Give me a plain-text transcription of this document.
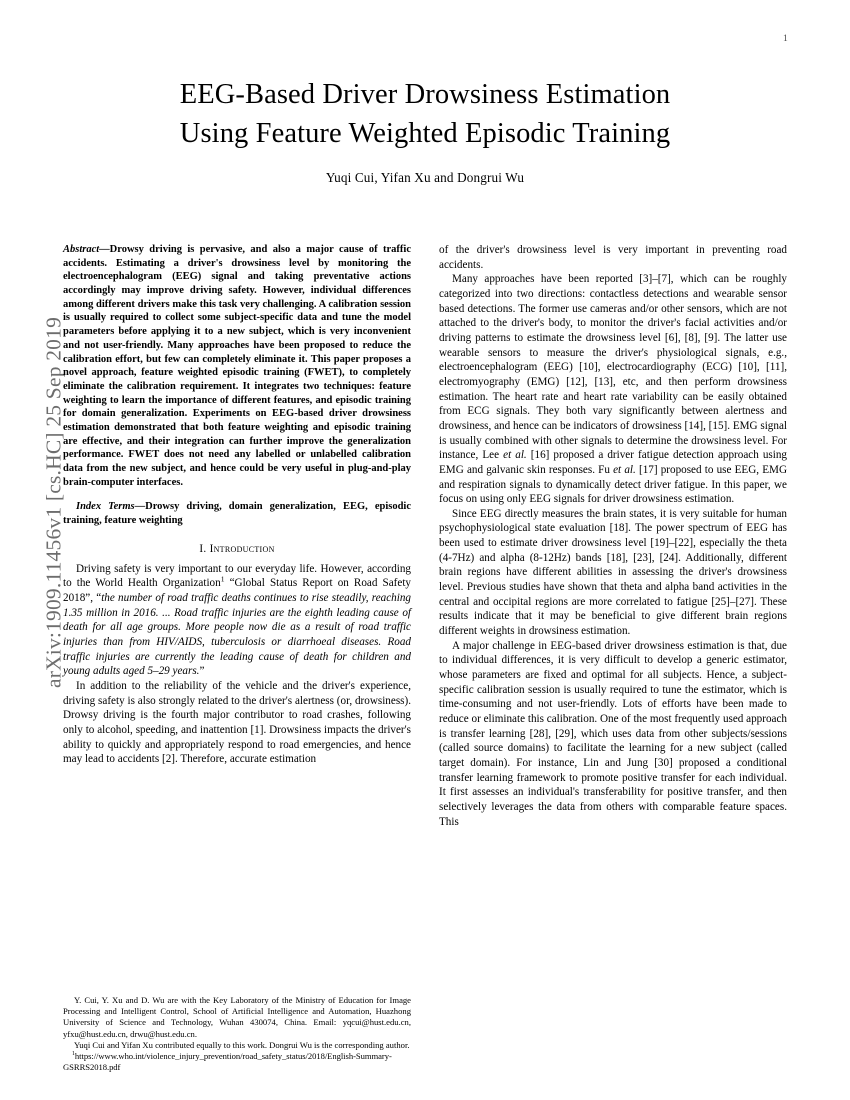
arXiv:1909.11456v1 [cs.HC] 25 Sep 2019
1
EEG-Based Driver Drowsiness Estimation
Using Feature Weighted Episodic Training
Yuqi Cui, Yifan Xu and Dongrui Wu

Abstract—Drowsy driving is pervasive, and also a major cause of traffic accidents. Estimating a driver's drowsiness level by monitoring the electroencephalogram (EEG) signal and taking preventative actions accordingly may improve driving safety. However, individual differences among different drivers make this task very challenging. A calibration session is usually required to collect some subject-specific data and tune the model parameters before applying it to a new subject, which is very inconvenient and not user-friendly. Many approaches have been proposed to reduce the calibration effort, but few can completely eliminate it. This paper proposes a novel approach, feature weighted episodic training (FWET), to completely eliminate the calibration requirement. It integrates two techniques: feature weighting to learn the importance of different features, and episodic training for domain generalization. Experiments on EEG-based driver drowsiness estimation demonstrated that both feature weighting and episodic training are effective, and their integration can further improve the generalization performance. FWET does not need any labelled or unlabelled calibration data from the new subject, and hence could be very useful in plug-and-play brain-computer interfaces.

Index Terms—Drowsy driving, domain generalization, EEG, episodic training, feature weighting

I. Introduction

Driving safety is very important to our everyday life. However, according to the World Health Organization$^1$ “Global Status Report on Road Safety 2018”, “the number of road traffic deaths continues to rise steadily, reaching 1.35 million in 2016. ... Road traffic injuries are the eighth leading cause of death for all age groups. More people now die as a result of road traffic injuries than from HIV/AIDS, tuberculosis or diarrhoeal diseases. Road traffic injuries are currently the leading cause of death for children and young adults aged 5–29 years.”

In addition to the reliability of the vehicle and the driver's experience, driving safety is also strongly related to the driver's alertness (or, drowsiness). Drowsy driving is the fourth major contributor to road crashes, following only to alcohol, speeding, and inattention [1]. Drowsiness impacts the driver's ability to quickly and appropriately respond to road emergencies, and hence may lead to accidents [2]. Therefore, accurate estimation

Y. Cui, Y. Xu and D. Wu are with the Key Laboratory of the Ministry of Education for Image Processing and Intelligent Control, School of Artificial Intelligence and Automation, Huazhong University of Science and Technology, Wuhan 430074, China. Email: yqcui@hust.edu.cn, yfxu@hust.edu.cn, drwu@hust.edu.cn.

Yuqi Cui and Yifan Xu contributed equally to this work. Dongrui Wu is the corresponding author.

$^1$https://www.who.int/violence_injury_prevention/road_safety_status/2018/English-Summary-GSRRS2018.pdf

of the driver's drowsiness level is very important in preventing road accidents.

Many approaches have been reported [3]–[7], which can be roughly categorized into two directions: contactless detections and wearable sensor based detections. The former use cameras and/or other sensors, which are not attached to the driver's body, to monitor the driver's facial activities and/or driving patterns to estimate the drowsiness level [6], [8], [9]. The latter use wearable sensors to measure the driver's physiological signals, e.g., electroencephalogram (EEG) [10], electrocardiography (ECG) [10], [11], electromyography (EMG) [12], [13], etc, and then perform drowsiness estimation. The heart rate and heart rate variability can be easily obtained from ECG signals. They both vary significantly between alertness and drowsiness, and hence can be indicators of drowsiness [14], [15]. EMG signal is usually combined with other signals to determine the drowsiness level. For instance, Lee et al. [16] proposed a driver fatigue detection approach using EMG and galvanic skin responses. Fu et al. [17] proposed to use EEG, EMG and respiration signals to dynamically detect driver fatigue. In this paper, we focus on using only EEG signals for driver drowsiness estimation.

Since EEG directly measures the brain states, it is very suitable for human psychophysiological state evaluation [18]. The power spectrum of EEG has been used to estimate driver drowsiness level [19]–[22], especially the theta (4-7Hz) and alpha (8-12Hz) bands [18], [23], [24]. Additionally, different brain regions have different abilities in assessing the driver's drowsiness level. Previous studies have shown that theta and alpha band activities in the central and occipital regions are more correlated to fatigue [25]–[27]. These results indicate that it may be beneficial to give different brain regions different weights in drowsiness estimation.

A major challenge in EEG-based driver drowsiness estimation is that, due to individual differences, it is very difficult to develop a generic estimator, whose parameters are fixed and optimal for all subjects. Hence, a subject-specific calibration session is usually required to tune the estimator, which is time-consuming and not user-friendly. Lots of efforts have been made to reduce or eliminate this calibration. One of the most frequently used approach is transfer learning [28], [29], which uses data from other subjects/sessions (called source domains) to facilitate the learning for a new subject (called target domain). For instance, Lin and Jung [30] proposed a conditional transfer learning framework to promote positive transfer for each individual. It first assesses an individual's transferability for positive transfer, and then selectively leverages the data from others with comparable feature spaces. This
